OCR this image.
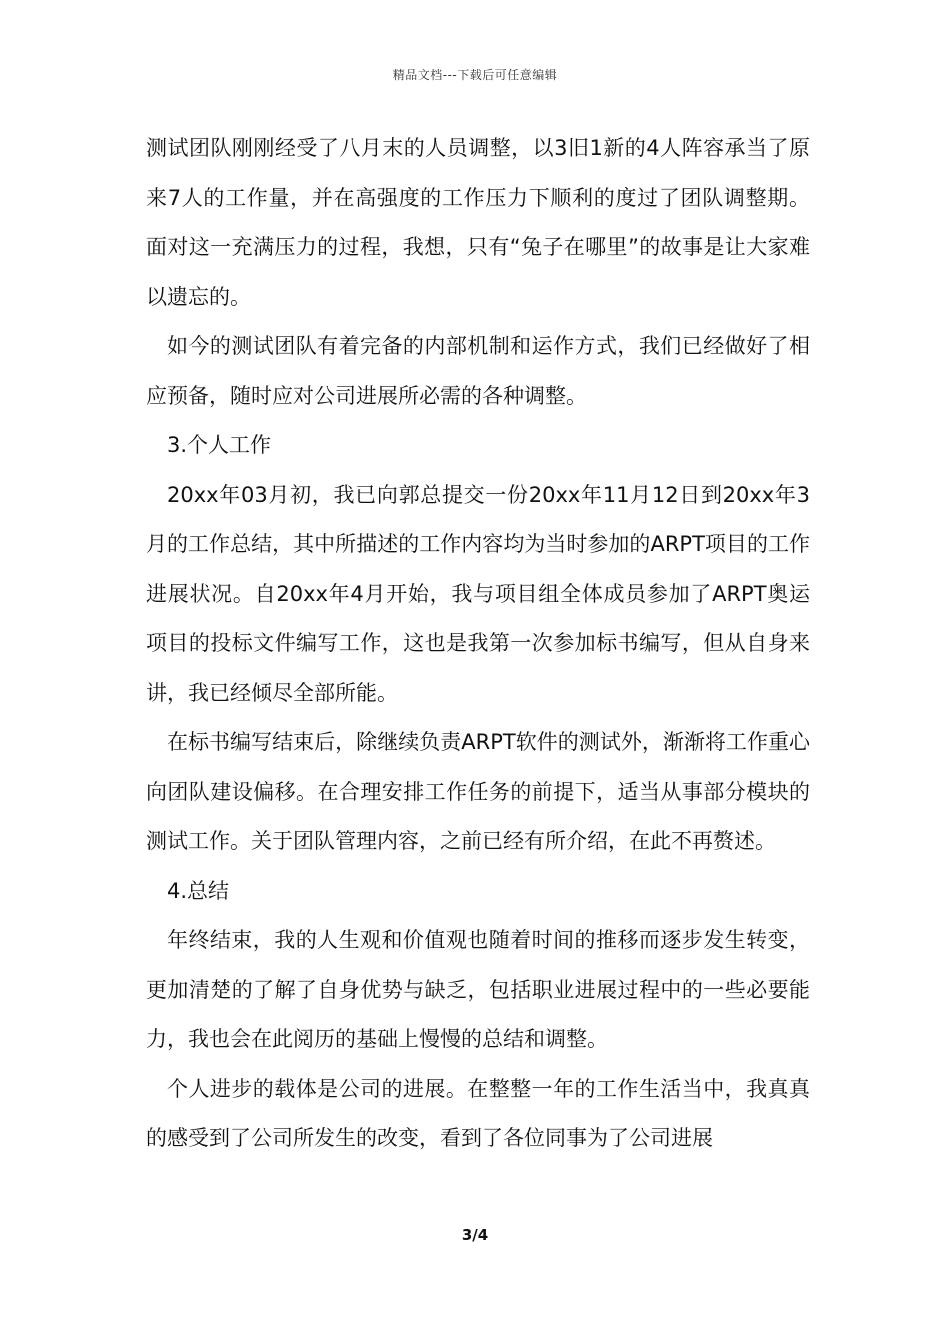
精品文档---下载后可任意编辑

测试团队刚刚经受了八月末的人员调整，以3旧1新的4人阵容承当了原来7人的工作量，并在高强度的工作压力下顺利的度过了团队调整期。面对这一充满压力的过程，我想，只有“兔子在哪里”的故事是让大家难以遗忘的。

如今的测试团队有着完备的内部机制和运作方式，我们已经做好了相应预备，随时应对公司进展所必需的各种调整。

3.个人工作

20xx年03月初，我已向郭总提交一份20xx年11月12日到20xx年3月的工作总结，其中所描述的工作内容均为当时参加的ARPT项目的工作进展状况。自20xx年4月开始，我与项目组全体成员参加了ARPT奥运项目的投标文件编写工作，这也是我第一次参加标书编写，但从自身来讲，我已经倾尽全部所能。

在标书编写结束后，除继续负责ARPT软件的测试外，渐渐将工作重心向团队建设偏移。在合理安排工作任务的前提下，适当从事部分模块的测试工作。关于团队管理内容，之前已经有所介绍，在此不再赘述。

4.总结

年终结束，我的人生观和价值观也随着时间的推移而逐步发生转变，更加清楚的了解了自身优势与缺乏，包括职业进展过程中的一些必要能力，我也会在此阅历的基础上慢慢的总结和调整。

个人进步的载体是公司的进展。在整整一年的工作生活当中，我真真的感受到了公司所发生的改变，看到了各位同事为了公司进展

3/4
